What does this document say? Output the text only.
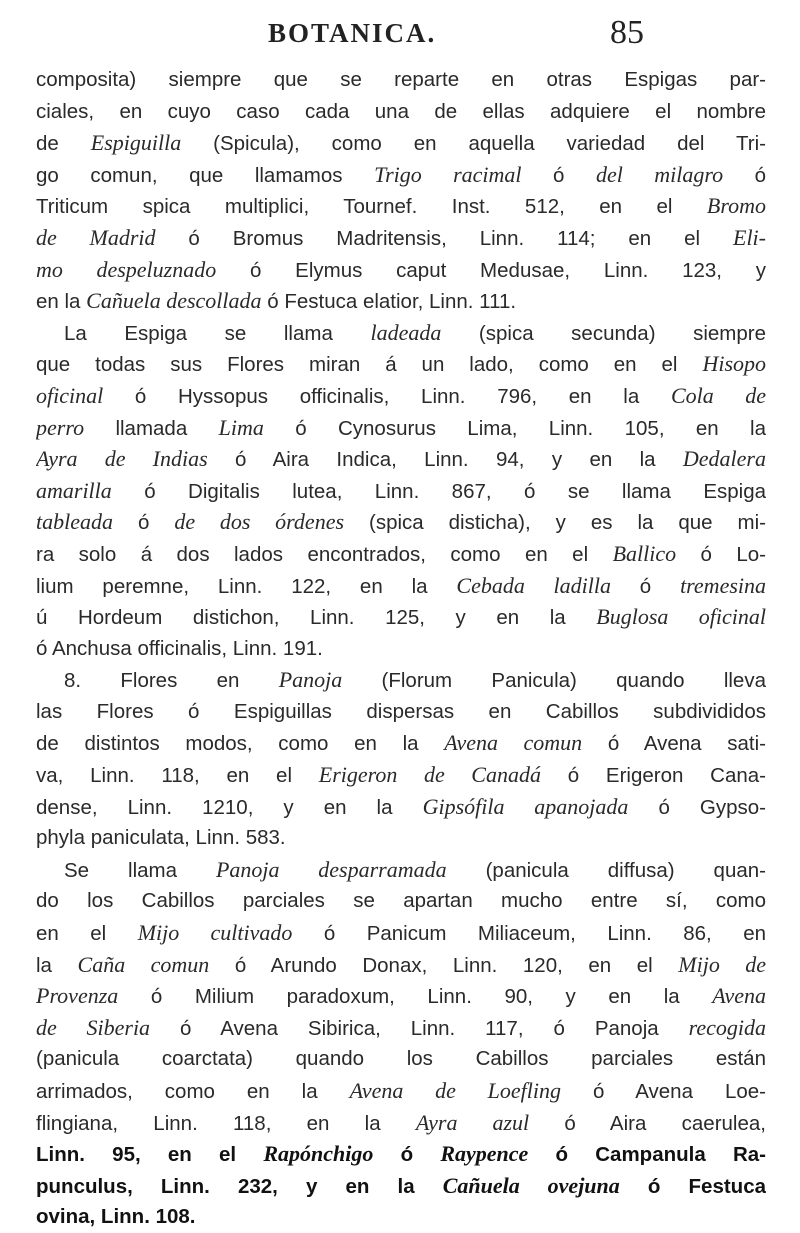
BOTANICA.	85
composita) siempre que se reparte en otras Espigas par-
ciales, en cuyo caso cada una de ellas adquiere el nombre
de Espiguilla (Spicula), como en aquella variedad del Tri-
go comun, que llamamos Trigo racimal ó del milagro ó
Triticum spica multiplici, Tournef. Inst. 512, en el Bromo
de Madrid ó Bromus Madritensis, Linn. 114; en el Eli-
mo despeluznado ó Elymus caput Medusae, Linn. 123, y
en la Cañuela descollada ó Festuca elatior, Linn. 111.
La Espiga se llama ladeada (spica secunda) siempre
que todas sus Flores miran á un lado, como en el Hisopo
oficinal ó Hyssopus officinalis, Linn. 796, en la Cola de
perro llamada Lima ó Cynosurus Lima, Linn. 105, en la
Ayra de Indias ó Aira Indica, Linn. 94, y en la Dedalera
amarilla ó Digitalis lutea, Linn. 867, ó se llama Espiga
tableada ó de dos órdenes (spica disticha), y es la que mi-
ra solo á dos lados encontrados, como en el Ballico ó Lo-
lium peremne, Linn. 122, en la Cebada ladilla ó tremesina
ú Hordeum distichon, Linn. 125, y en la Buglosa oficinal
ó Anchusa officinalis, Linn. 191.
8. Flores en Panoja (Florum Panicula) quando lleva
las Flores ó Espiguillas dispersas en Cabillos subdivididos
de distintos modos, como en la Avena comun ó Avena sati-
va, Linn. 118, en el Erigeron de Canadá ó Erigeron Cana-
dense, Linn. 1210, y en la Gipsófila apanojada ó Gypso-
phyla paniculata, Linn. 583.
Se llama Panoja desparramada (panicula diffusa) quan-
do los Cabillos parciales se apartan mucho entre sí, como
en el Mijo cultivado ó Panicum Miliaceum, Linn. 86, en
la Caña comun ó Arundo Donax, Linn. 120, en el Mijo de
Provenza ó Milium paradoxum, Linn. 90, y en la Avena
de Siberia ó Avena Sibirica, Linn. 117, ó Panoja recogida
(panicula coarctata) quando los Cabillos parciales están
arrimados, como en la Avena de Loefling ó Avena Loe-
flingiana, Linn. 118, en la Ayra azul ó Aira caerulea,
Linn. 95, en el Rapónchigo ó Raypence ó Campanula Ra-
punculus, Linn. 232, y en la Cañuela ovejuna ó Festuca
ovina, Linn. 108.
